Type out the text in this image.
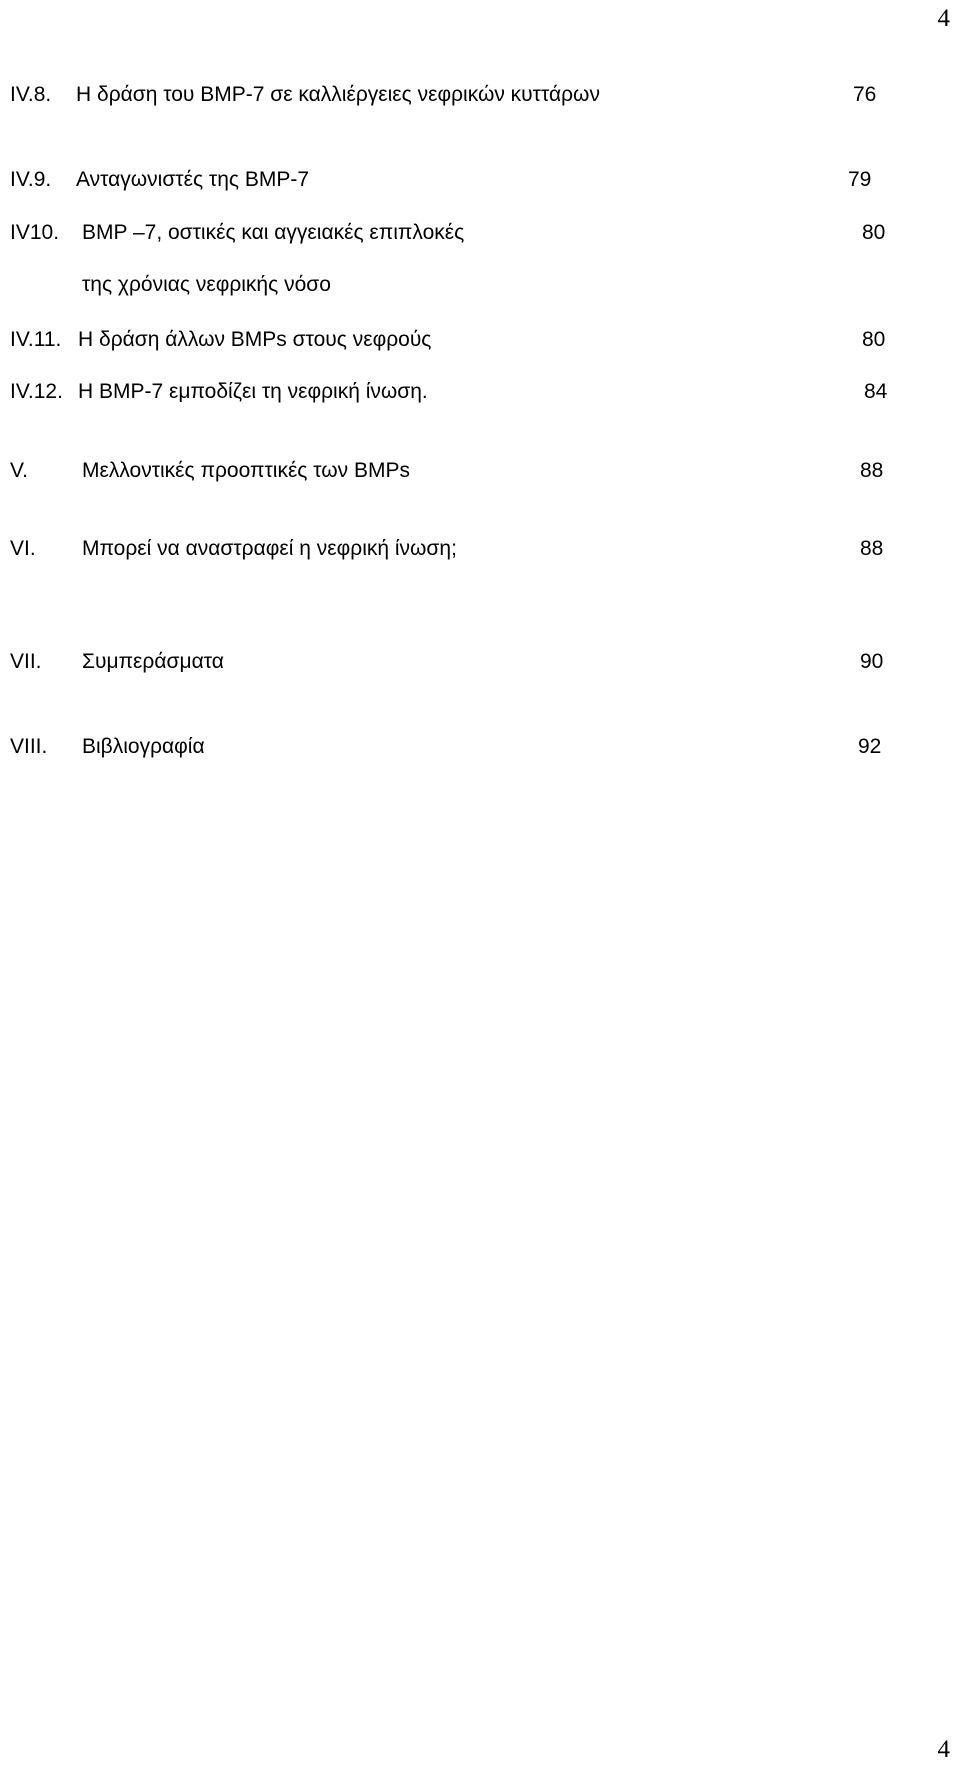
4
IV.8. Η δράση του BMP-7 σε καλλιέργειες νεφρικών κυττάρων	76
IV.9. Ανταγωνιστές της BMP-7	79
IV10. BMP –7, οστικές και αγγειακές επιπλοκές	80
της χρόνιας νεφρικής νόσο
IV.11. Η δράση άλλων BMPs στους νεφρούς	80
IV.12. Η BMP-7 εμποδίζει τη νεφρική ίνωση.	84
V.	Μελλοντικές προοπτικές των BMPs	88
VI. Μπορεί να αναστραφεί η νεφρική ίνωση;	88
VII. Συμπεράσματα	90
VIII. Βιβλιογραφία	92
4
